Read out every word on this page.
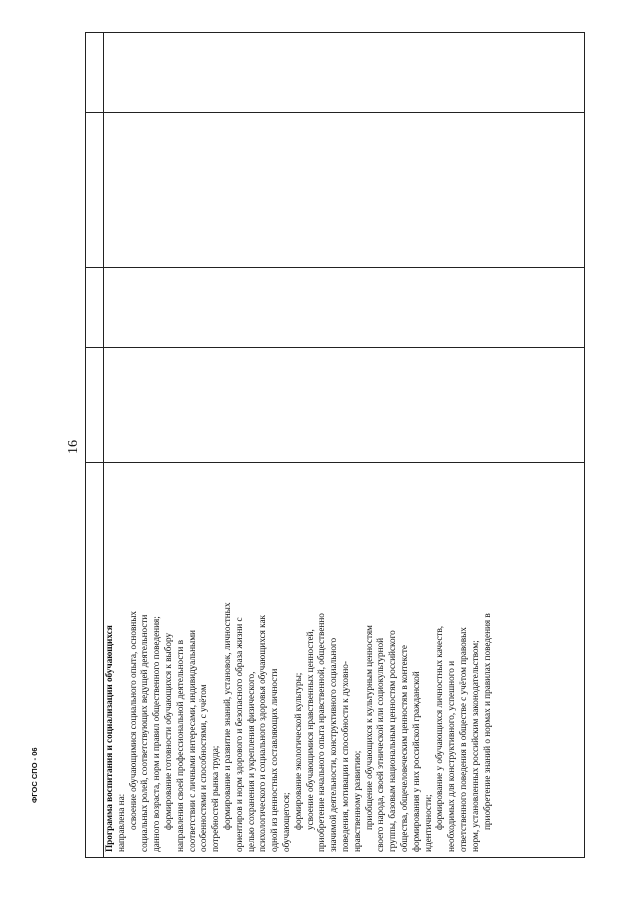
16
Программа воспитания и социализации обучающихся направлена на: освоение обучающимися социального опыта, основных социальных ролей, соответствующих ведущей деятельности данного возраста, норм и правил общественного поведения; формирование готовности обучающихся к выбору направления своей профессиональной деятельности в соответствии с личными интересами, индивидуальными особенностями и способностями, с учётом потребностей рынка труда; формирование и развитие знаний, установок, личностных ориентиров и норм здорового и безопасного образа жизни с целью сохранения и укрепления физического, психологического и социального здоровья обучающихся как одной из ценностных составляющих личности обучающегося; формирование экологической культуры; усвоение обучающимися нравственных ценностей, приобретение начального опыта нравственной, общественно значимой деятельности, конструктивного социального поведения, мотивации и способности к духовно- нравственному развитию; приобщение обучающихся к культурным ценностям своего народа, своей этнической или социокультурной группы, базовым национальным ценностям российского общества, общечеловеческим ценностям в контексте формирования у них российской гражданской идентичности; формирование у обучающихся личностных качеств, необходимых для конструктивного, успешного и ответственного поведения в обществе с учётом правовых норм, установленных российским законодательством; приобретение знаний о нормах и правилах поведения в
ФГОС СПО - 06
